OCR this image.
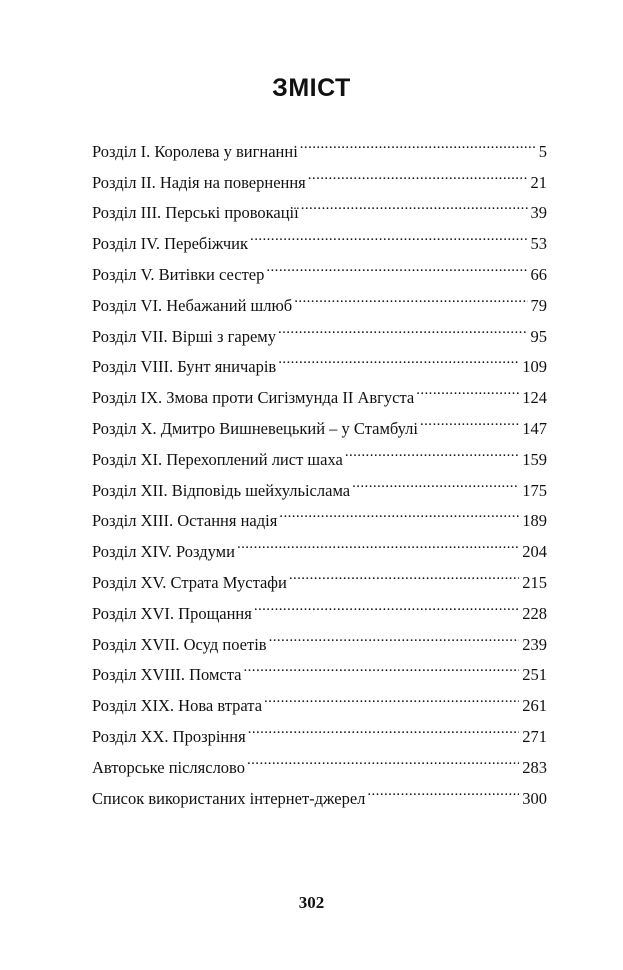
ЗМІСТ
Розділ I. Королева у вигнанні .....	5
Розділ II. Надія на повернення .....	21
Розділ III. Перські провокації .....	39
Розділ IV. Перебіжчик .....	53
Розділ V. Витівки сестер .....	66
Розділ VI. Небажаний шлюб .....	79
Розділ VII. Вірші з гарему .....	95
Розділ VIII. Бунт яничарів .....	109
Розділ IX. Змова проти Сигізмунда II Августа .....	124
Розділ X. Дмитро Вишневецький – у Стамбулі .....	147
Розділ XI. Перехоплений лист шаха .....	159
Розділ XII. Відповідь шейхульіслама .....	175
Розділ XIII. Остання надія .....	189
Розділ XIV. Роздуми .....	204
Розділ XV. Страта Мустафи .....	215
Розділ XVI. Прощання .....	228
Розділ XVII. Осуд поетів .....	239
Розділ XVIII. Помста .....	251
Розділ XIX. Нова втрата .....	261
Розділ XX. Прозріння .....	271
Авторське післяслово .....	283
Список використаних інтернет-джерел .....	300

302
